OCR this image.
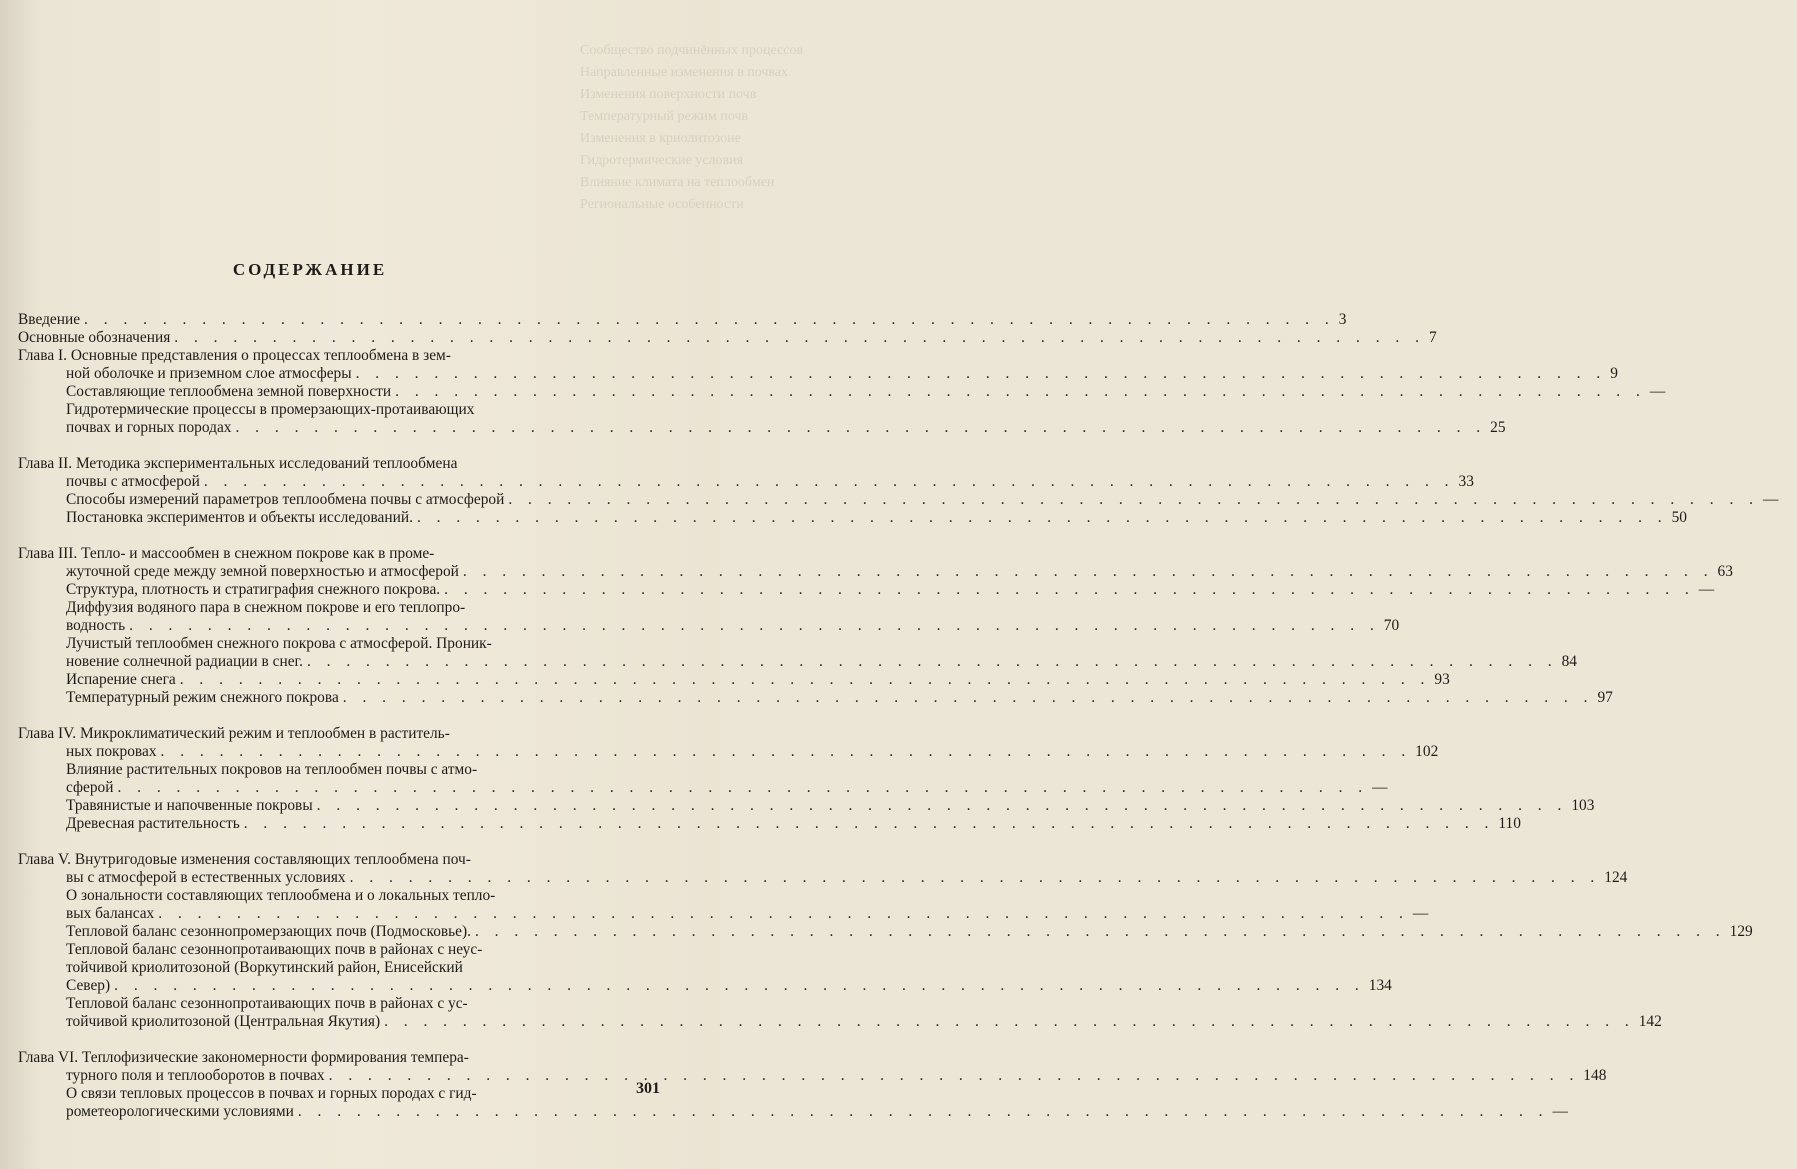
Сообщество подчинённых процессов
Направленные изменения в почвах
Изменения поверхности почв
Температурный режим почв
Изменения в криолитозоне
Гидротермические условия
Влияние климата на теплообмен
Региональные особенности
СОДЕРЖАНИЕ
Введение . . .	3
Основные обозначения . . .	7
Глава I. Основные представления о процессах теплообмена в зем-
ной оболочке и приземном слое атмосферы . . .	9
Составляющие теплообмена земной поверхности . . .	—
Гидротермические процессы в промерзающих-протаивающих
почвах и горных породах . . .	25
Глава II. Методика экспериментальных исследований теплообмена
почвы с атмосферой . . .	33
Способы измерений параметров теплообмена почвы с атмосферой . . .	—
Постановка экспериментов и объекты исследований. . . .	50
Глава III. Тепло- и массообмен в снежном покрове как в проме-
жуточной среде между земной поверхностью и атмосферой . . .	63
Структура, плотность и стратиграфия снежного покрова. . . .	—
Диффузия водяного пара в снежном покрове и его теплопро-
водность . . .	70
Лучистый теплообмен снежного покрова с атмосферой. Проник-
новение солнечной радиации в снег. . . .	84
Испарение снега . . .	93
Температурный режим снежного покрова . . .	97
Глава IV. Микроклиматический режим и теплообмен в раститель-
ных покровах . . .	102
Влияние растительных покровов на теплообмен почвы с атмо-
сферой . . .	—
Травянистые и напочвенные покровы . . .	103
Древесная растительность . . .	110
Глава V. Внутригодовые изменения составляющих теплообмена поч-
вы с атмосферой в естественных условиях . . .	124
О зональности составляющих теплообмена и о локальных тепло-
вых балансах . . .	—
Тепловой баланс сезоннопромерзающих почв (Подмосковье). . . .	129
Тепловой баланс сезоннопротаивающих почв в районах с неус-
тойчивой криолитозоной (Воркутинский район, Енисейский
Север) . . .	134
Тепловой баланс сезоннопротаивающих почв в районах с ус-
тойчивой криолитозоной (Центральная Якутия) . . .	142
Глава VI. Теплофизические закономерности формирования темпера-
турного поля и теплооборотов в почвах . . .	148
О связи тепловых процессов в почвах и горных породах с гид-
рометеорологическими условиями . . .	—
301
